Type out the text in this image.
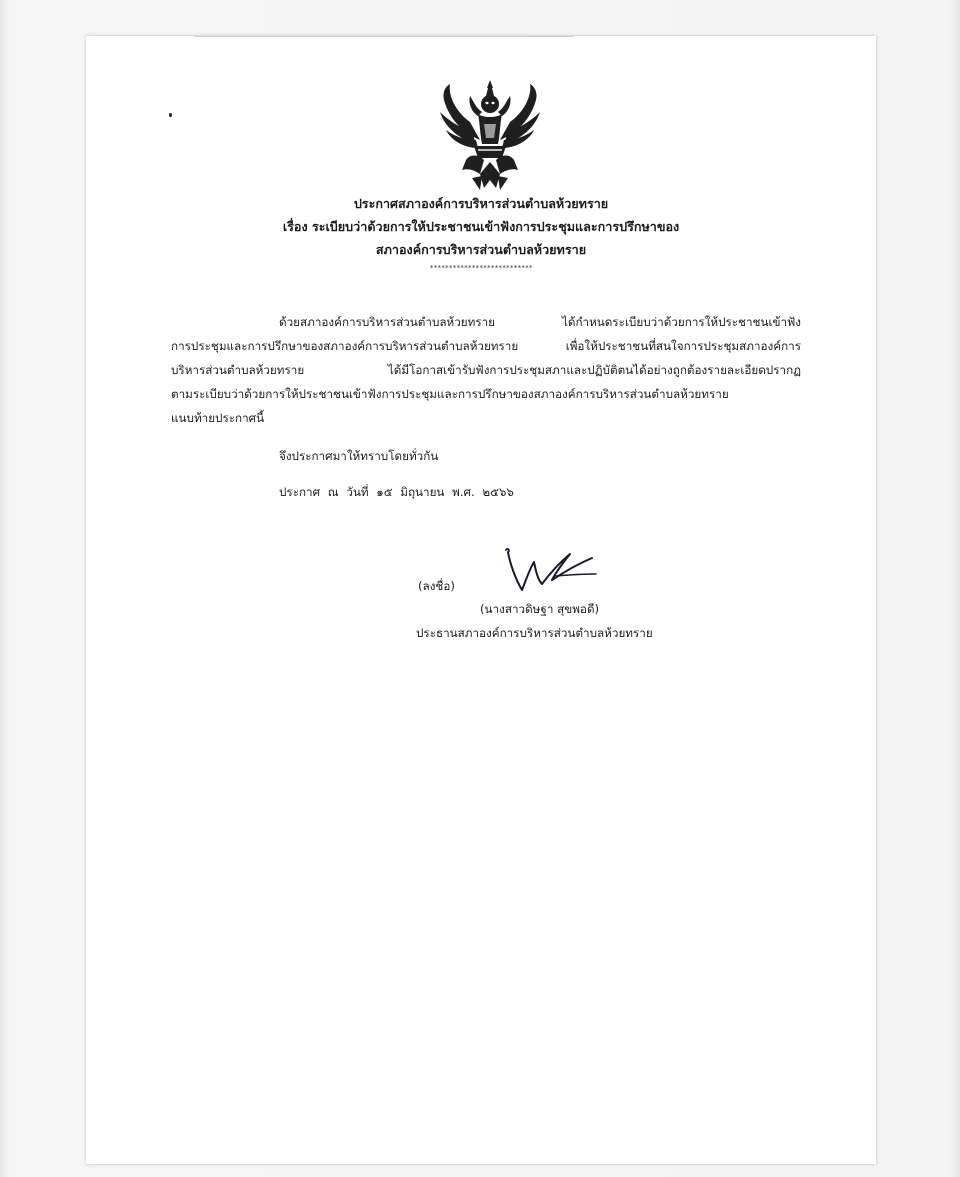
ประกาศสภาองค์การบริหารส่วนตำบลห้วยทราย
เรื่อง ระเบียบว่าด้วยการให้ประชาชนเข้าฟังการประชุมและการปรึกษาของ
สภาองค์การบริหารส่วนตำบลห้วยทราย
***************************
ด้วยสภาองค์การบริหารส่วนตำบลห้วยทราย ได้กำหนดระเบียบว่าด้วยการให้ประชาชนเข้าฟัง
การประชุมและการปรึกษาของสภาองค์การบริหารส่วนตำบลห้วยทราย เพื่อให้ประชาชนที่สนใจการประชุมสภาองค์การ
บริหารส่วนตำบลห้วยทราย ได้มีโอกาสเข้ารับฟังการประชุมสภาและปฏิบัติตนได้อย่างถูกต้องรายละเอียดปรากฏ
ตามระเบียบว่าด้วยการให้ประชาชนเข้าฟังการประชุมและการปรึกษาของสภาองค์การบริหารส่วนตำบลห้วยทราย
แนบท้ายประกาศนี้
จึงประกาศมาให้ทราบโดยทั่วกัน
ประกาศ ณ วันที่ ๑๕ มิถุนายน พ.ศ. ๒๕๖๖
(ลงชื่อ)
(นางสาวดิษฐา สุขพอดี)
ประธานสภาองค์การบริหารส่วนตำบลห้วยทราย
